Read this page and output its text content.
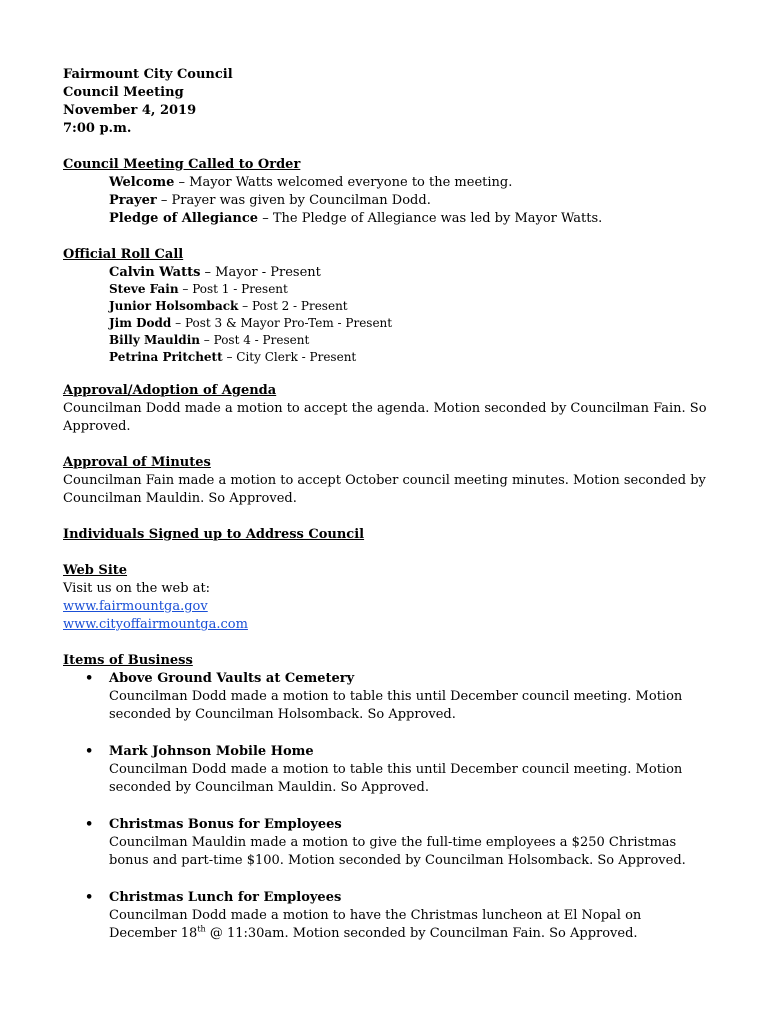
Fairmount City Council
Council Meeting
November 4, 2019
7:00 p.m.
Council Meeting Called to Order
Welcome – Mayor Watts welcomed everyone to the meeting.
Prayer – Prayer was given by Councilman Dodd.
Pledge of Allegiance – The Pledge of Allegiance was led by Mayor Watts.
Official Roll Call
Calvin Watts – Mayor - Present
Steve Fain – Post 1 - Present
Junior Holsomback – Post 2 - Present
Jim Dodd – Post 3 & Mayor Pro-Tem - Present
Billy Mauldin – Post 4 - Present
Petrina Pritchett – City Clerk - Present
Approval/Adoption of Agenda
Councilman Dodd made a motion to accept the agenda. Motion seconded by Councilman Fain. So Approved.
Approval of Minutes
Councilman Fain made a motion to accept October council meeting minutes. Motion seconded by Councilman Mauldin. So Approved.
Individuals Signed up to Address Council
Web Site
Visit us on the web at:
www.fairmountga.gov
www.cityoffairmountga.com
Items of Business
• Above Ground Vaults at Cemetery
Councilman Dodd made a motion to table this until December council meeting. Motion seconded by Councilman Holsomback. So Approved.
• Mark Johnson Mobile Home
Councilman Dodd made a motion to table this until December council meeting. Motion seconded by Councilman Mauldin. So Approved.
• Christmas Bonus for Employees
Councilman Mauldin made a motion to give the full-time employees a $250 Christmas bonus and part-time $100. Motion seconded by Councilman Holsomback. So Approved.
• Christmas Lunch for Employees
Councilman Dodd made a motion to have the Christmas luncheon at El Nopal on December 18th @ 11:30am. Motion seconded by Councilman Fain. So Approved.
